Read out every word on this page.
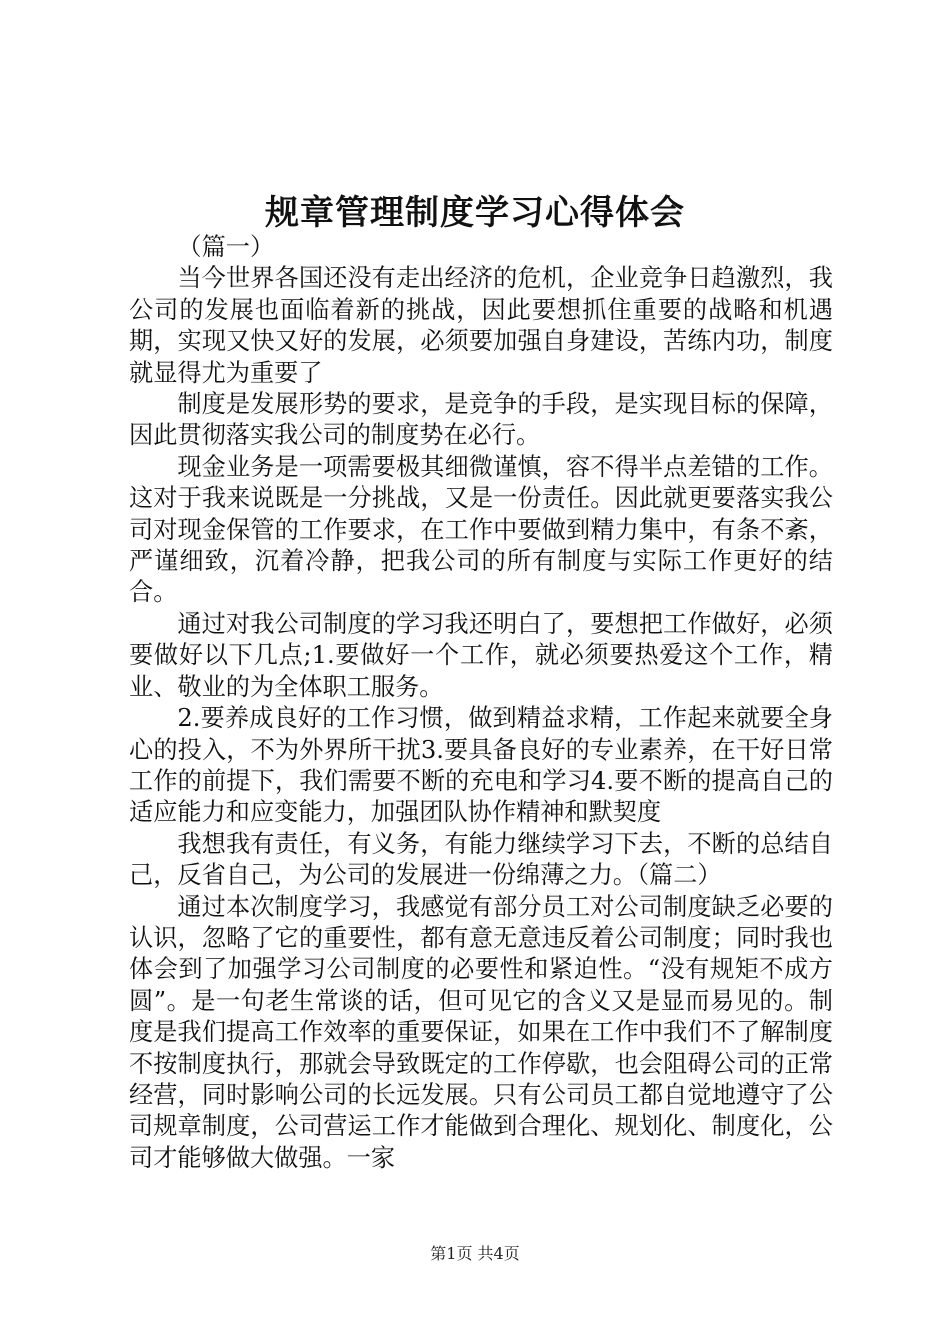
规章管理制度学习心得体会

（篇一）

当今世界各国还没有走出经济的危机，企业竞争日趋激烈，我公司的发展也面临着新的挑战，因此要想抓住重要的战略和机遇期，实现又快又好的发展，必须要加强自身建设，苦练内功，制度就显得尤为重要了

制度是发展形势的要求，是竞争的手段，是实现目标的保障，因此贯彻落实我公司的制度势在必行。

现金业务是一项需要极其细微谨慎，容不得半点差错的工作。这对于我来说既是一分挑战，又是一份责任。因此就更要落实我公司对现金保管的工作要求，在工作中要做到精力集中，有条不紊，严谨细致，沉着冷静，把我公司的所有制度与实际工作更好的结合。

通过对我公司制度的学习我还明白了，要想把工作做好，必须要做好以下几点;1.要做好一个工作，就必须要热爱这个工作，精业、敬业的为全体职工服务。

2.要养成良好的工作习惯，做到精益求精，工作起来就要全身心的投入，不为外界所干扰3.要具备良好的专业素养，在干好日常工作的前提下，我们需要不断的充电和学习4.要不断的提高自己的适应能力和应变能力，加强团队协作精神和默契度

我想我有责任，有义务，有能力继续学习下去，不断的总结自己，反省自己，为公司的发展进一份绵薄之力。（篇二）

通过本次制度学习，我感觉有部分员工对公司制度缺乏必要的认识，忽略了它的重要性，都有意无意违反着公司制度；同时我也体会到了加强学习公司制度的必要性和紧迫性。“没有规矩不成方圆”。是一句老生常谈的话，但可见它的含义又是显而易见的。制度是我们提高工作效率的重要保证，如果在工作中我们不了解制度不按制度执行，那就会导致既定的工作停歇，也会阻碍公司的正常经营，同时影响公司的长远发展。只有公司员工都自觉地遵守了公司规章制度，公司营运工作才能做到合理化、规划化、制度化，公司才能够做大做强。一家

第1页 共4页
